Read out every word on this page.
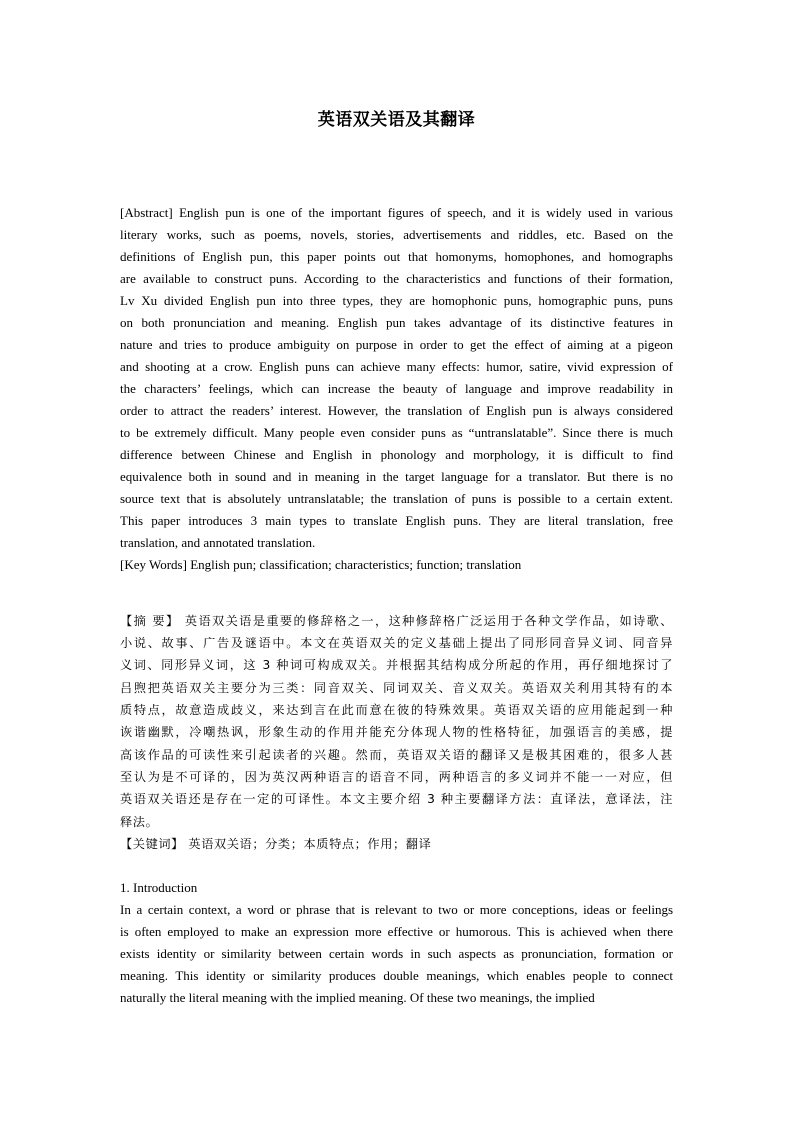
英语双关语及其翻译
[Abstract] English pun is one of the important figures of speech, and it is widely used in various
literary works, such as poems, novels, stories, advertisements and riddles, etc. Based on the
definitions of English pun, this paper points out that homonyms, homophones, and homographs
are available to construct puns. According to the characteristics and functions of their formation,
Lv Xu divided English pun into three types, they are homophonic puns, homographic puns, puns
on both pronunciation and meaning. English pun takes advantage of its distinctive features in
nature and tries to produce ambiguity on purpose in order to get the effect of aiming at a pigeon
and shooting at a crow. English puns can achieve many effects: humor, satire, vivid expression of
the characters’ feelings, which can increase the beauty of language and improve readability in
order to attract the readers’ interest. However, the translation of English pun is always considered
to be extremely difficult. Many people even consider puns as “untranslatable”. Since there is much
difference between Chinese and English in phonology and morphology, it is difficult to find
equivalence both in sound and in meaning in the target language for a translator. But there is no
source text that is absolutely untranslatable; the translation of puns is possible to a certain extent.
This paper introduces 3 main types to translate English puns. They are literal translation, free
translation, and annotated translation.
[Key Words] English pun; classification; characteristics; function; translation
【摘 要】 英语双关语是重要的修辞格之一，这种修辞格广泛运用于各种文学作品，如诗歌、
小说、故事、广告及谜语中。本文在英语双关的定义基础上提出了同形同音异义词、同音异
义词、同形异义词，这 3 种词可构成双关。并根据其结构成分所起的作用，再仔细地探讨了
吕煦把英语双关主要分为三类：同音双关、同词双关、音义双关。英语双关利用其特有的本
质特点，故意造成歧义，来达到言在此而意在彼的特殊效果。英语双关语的应用能起到一种
诙谐幽默，冷嘲热讽，形象生动的作用并能充分体现人物的性格特征，加强语言的美感，提
高该作品的可读性来引起读者的兴趣。然而，英语双关语的翻译又是极其困难的，很多人甚
至认为是不可译的，因为英汉两种语言的语音不同，两种语言的多义词并不能一一对应，但
英语双关语还是存在一定的可译性。本文主要介绍 3 种主要翻译方法：直译法，意译法，注
释法。
【关键词】 英语双关语；分类；本质特点；作用；翻译
1. Introduction
In a certain context, a word or phrase that is relevant to two or more conceptions, ideas or feelings
is often employed to make an expression more effective or humorous. This is achieved when there
exists identity or similarity between certain words in such aspects as pronunciation, formation or
meaning. This identity or similarity produces double meanings, which enables people to connect
naturally the literal meaning with the implied meaning. Of these two meanings, the implied
